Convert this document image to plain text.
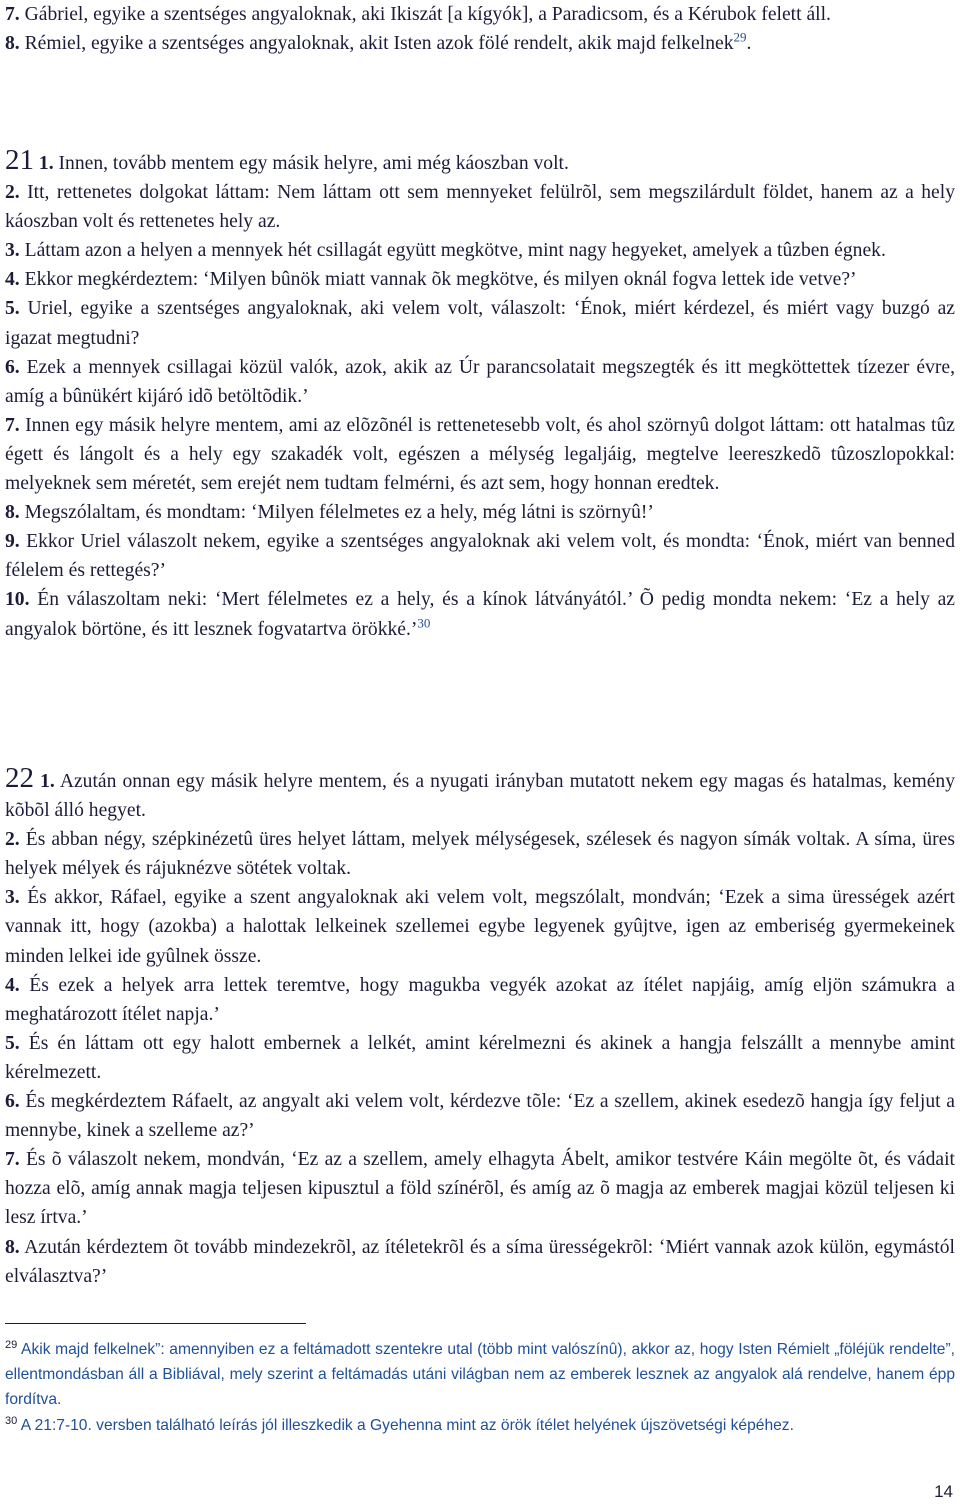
7. Gábriel, egyike a szentséges angyaloknak, aki Ikiszát [a kígyók], a Paradicsom, és a Kérubok felett áll.
8. Rémiel, egyike a szentséges angyaloknak, akit Isten azok fölé rendelt, akik majd felkelnek$^{29}$.

21 1. Innen, tovább mentem egy másik helyre, ami még káoszban volt.
2. Itt, rettenetes dolgokat láttam: Nem láttam ott sem mennyeket felülrõl, sem megszilárdult földet, hanem az a hely káoszban volt és rettenetes hely az.
3. Láttam azon a helyen a mennyek hét csillagát együtt megkötve, mint nagy hegyeket, amelyek a tûzben égnek.
4. Ekkor megkérdeztem: ‘Milyen bûnök miatt vannak õk megkötve, és milyen oknál fogva lettek ide vetve?’
5. Uriel, egyike a szentséges angyaloknak, aki velem volt, válaszolt: ‘Énok, miért kérdezel, és miért vagy buzgó az igazat megtudni?
6. Ezek a mennyek csillagai közül valók, azok, akik az Úr parancsolatait megszegték és itt megköttettek tízezer évre, amíg a bûnükért kijáró idõ betöltõdik.’
7. Innen egy másik helyre mentem, ami az elõzõnél is rettenetesebb volt, és ahol szörnyû dolgot láttam: ott hatalmas tûz égett és lángolt és a hely egy szakadék volt, egészen a mélység legaljáig, megtelve leereszkedõ tûzoszlopokkal: melyeknek sem méretét, sem erejét nem tudtam felmérni, és azt sem, hogy honnan eredtek.
8. Megszólaltam, és mondtam: ‘Milyen félelmetes ez a hely, még látni is szörnyû!’
9. Ekkor Uriel válaszolt nekem, egyike a szentséges angyaloknak aki velem volt, és mondta: ‘Énok, miért van benned félelem és rettegés?’
10. Én válaszoltam neki: ‘Mert félelmetes ez a hely, és a kínok látványától.’ Õ pedig mondta nekem: ‘Ez a hely az angyalok börtöne, és itt lesznek fogvatartva örökké.’$^{30}$

22 1. Azután onnan egy másik helyre mentem, és a nyugati irányban mutatott nekem egy magas és hatalmas, kemény kõbõl álló hegyet.
2. És abban négy, szépkinézetû üres helyet láttam, melyek mélységesek, szélesek és nagyon símák voltak. A síma, üres helyek mélyek és rájuknézve sötétek voltak.
3. És akkor, Ráfael, egyike a szent angyaloknak aki velem volt, megszólalt, mondván; ‘Ezek a sima ürességek azért vannak itt, hogy (azokba) a halottak lelkeinek szellemei egybe legyenek gyûjtve, igen az emberiség gyermekeinek minden lelkei ide gyûlnek össze.
4. És ezek a helyek arra lettek teremtve, hogy magukba vegyék azokat az ítélet napjáig, amíg eljön számukra a meghatározott ítélet napja.’
5. És én láttam ott egy halott embernek a lelkét, amint kérelmezni és akinek a hangja felszállt a mennybe amint kérelmezett.
6. És megkérdeztem Ráfaelt, az angyalt aki velem volt, kérdezve tõle: ‘Ez a szellem, akinek esedezõ hangja így feljut a mennybe, kinek a szelleme az?’
7. És õ válaszolt nekem, mondván, ‘Ez az a szellem, amely elhagyta Ábelt, amikor testvére Káin megölte õt, és vádait hozza elõ, amíg annak magja teljesen kipusztul a föld színérõl, és amíg az õ magja az emberek magjai közül teljesen ki lesz írtva.’
8. Azután kérdeztem õt tovább mindezekrõl, az ítéletekrõl és a síma ürességekrõl: ‘Miért vannak azok külön, egymástól elválasztva?’

$^{29}$ Akik majd felkelnek”: amennyiben ez a feltámadott szentekre utal (több mint valószínû), akkor az, hogy Isten Rémielt „föléjük rendelte”, ellentmondásban áll a Bibliával, mely szerint a feltámadás utáni világban nem az emberek lesznek az angyalok alá rendelve, hanem épp fordítva.

$^{30}$ A 21:7-10. versben található leírás jól illeszkedik a Gyehenna mint az örök ítélet helyének újszövetségi képéhez.

14
